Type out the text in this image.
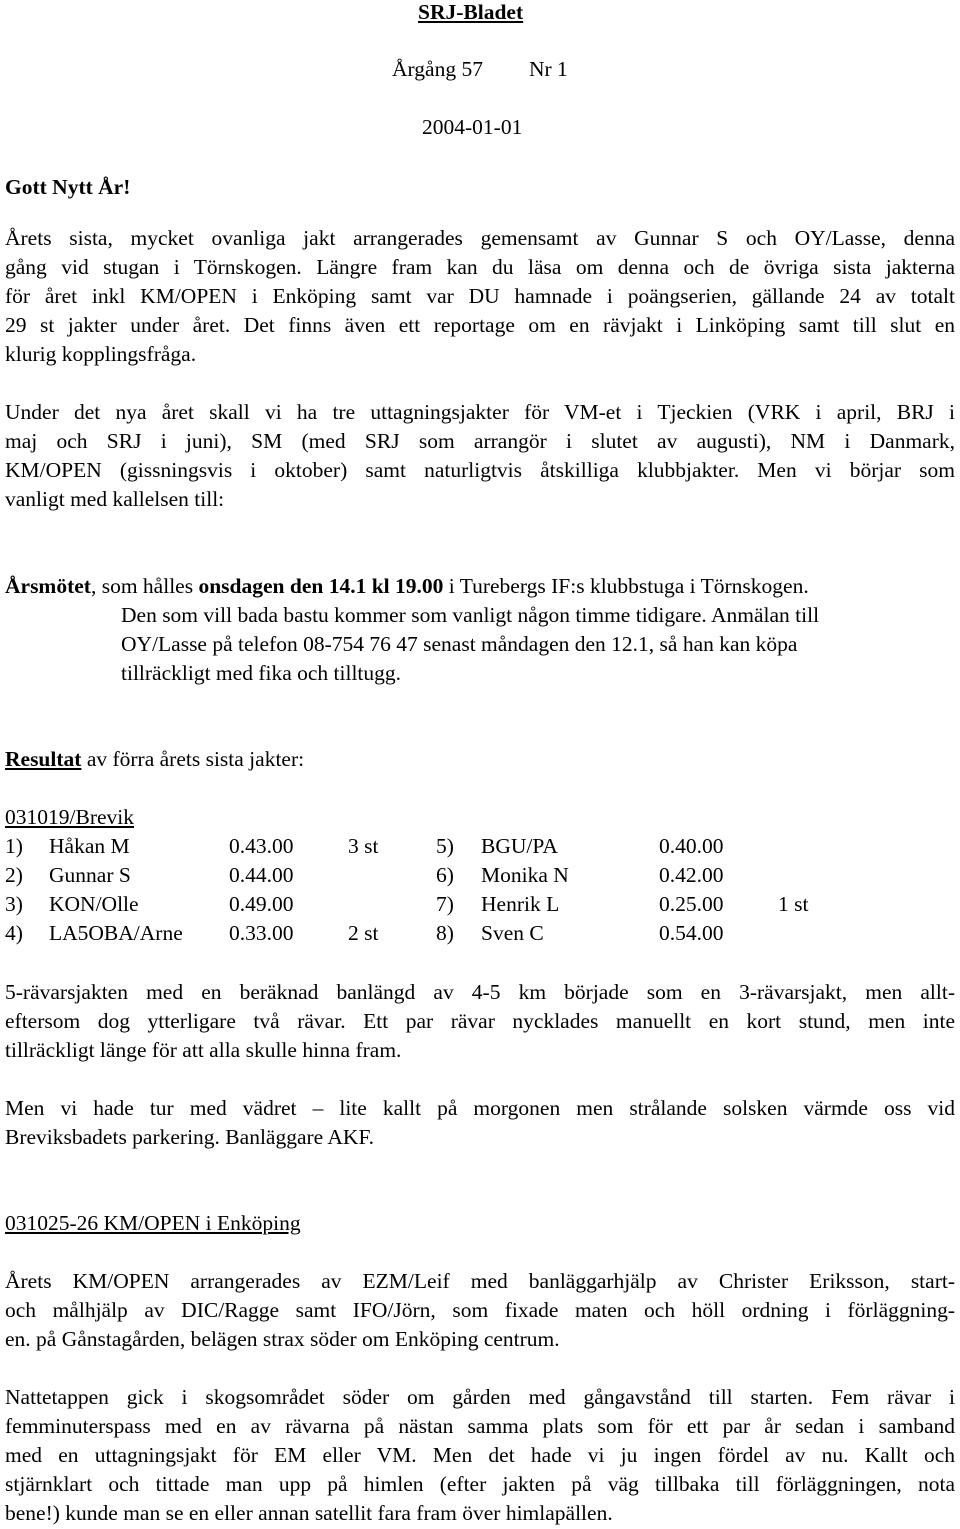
SRJ-Bladet
Årgång 57 Nr 1
2004-01-01
Gott Nytt År!
Årets sista, mycket ovanliga jakt arrangerades gemensamt av Gunnar S och OY/Lasse, denna
gång vid stugan i Törnskogen. Längre fram kan du läsa om denna och de övriga sista jakterna
för året inkl KM/OPEN i Enköping samt var DU hamnade i poängserien, gällande 24 av totalt
29 st jakter under året. Det finns även ett reportage om en rävjakt i Linköping samt till slut en
klurig kopplingsfråga.
Under det nya året skall vi ha tre uttagningsjakter för VM-et i Tjeckien (VRK i april, BRJ i
maj och SRJ i juni), SM (med SRJ som arrangör i slutet av augusti), NM i Danmark,
KM/OPEN (gissningsvis i oktober) samt naturligtvis åtskilliga klubbjakter. Men vi börjar som
vanligt med kallelsen till:
Årsmötet, som hålles onsdagen den 14.1 kl 19.00 i Turebergs IF:s klubbstuga i Törnskogen.
Den som vill bada bastu kommer som vanligt någon timme tidigare. Anmälan till
OY/Lasse på telefon 08-754 76 47 senast måndagen den 12.1, så han kan köpa
tillräckligt med fika och tilltugg.
Resultat av förra årets sista jakter:
031019/Brevik
1) Håkan M	0.43.00	3 st	5) BGU/PA	0.40.00
2) Gunnar S	0.44.00	6) Monika N	0.42.00
3) KON/Olle	0.49.00	7) Henrik L	0.25.00	1 st
4) LA5OBA/Arne 0.33.00	2 st	8) Sven C	0.54.00
5-rävarsjakten med en beräknad banlängd av 4-5 km började som en 3-rävarsjakt, men allt-
eftersom dog ytterligare två rävar. Ett par rävar nycklades manuellt en kort stund, men inte
tillräckligt länge för att alla skulle hinna fram.
Men vi hade tur med vädret – lite kallt på morgonen men strålande solsken värmde oss vid
Breviksbadets parkering. Banläggare AKF.
031025-26 KM/OPEN i Enköping
Årets KM/OPEN arrangerades av EZM/Leif med banläggarhjälp av Christer Eriksson, start-
och målhjälp av DIC/Ragge samt IFO/Jörn, som fixade maten och höll ordning i förläggning-
en. på Gånstagården, belägen strax söder om Enköping centrum.
Nattetappen gick i skogsområdet söder om gården med gångavstånd till starten. Fem rävar i
femminuterspass med en av rävarna på nästan samma plats som för ett par år sedan i samband
med en uttagningsjakt för EM eller VM. Men det hade vi ju ingen fördel av nu. Kallt och
stjärnklart och tittade man upp på himlen (efter jakten på väg tillbaka till förläggningen, nota
bene!) kunde man se en eller annan satellit fara fram över himlapällen.
